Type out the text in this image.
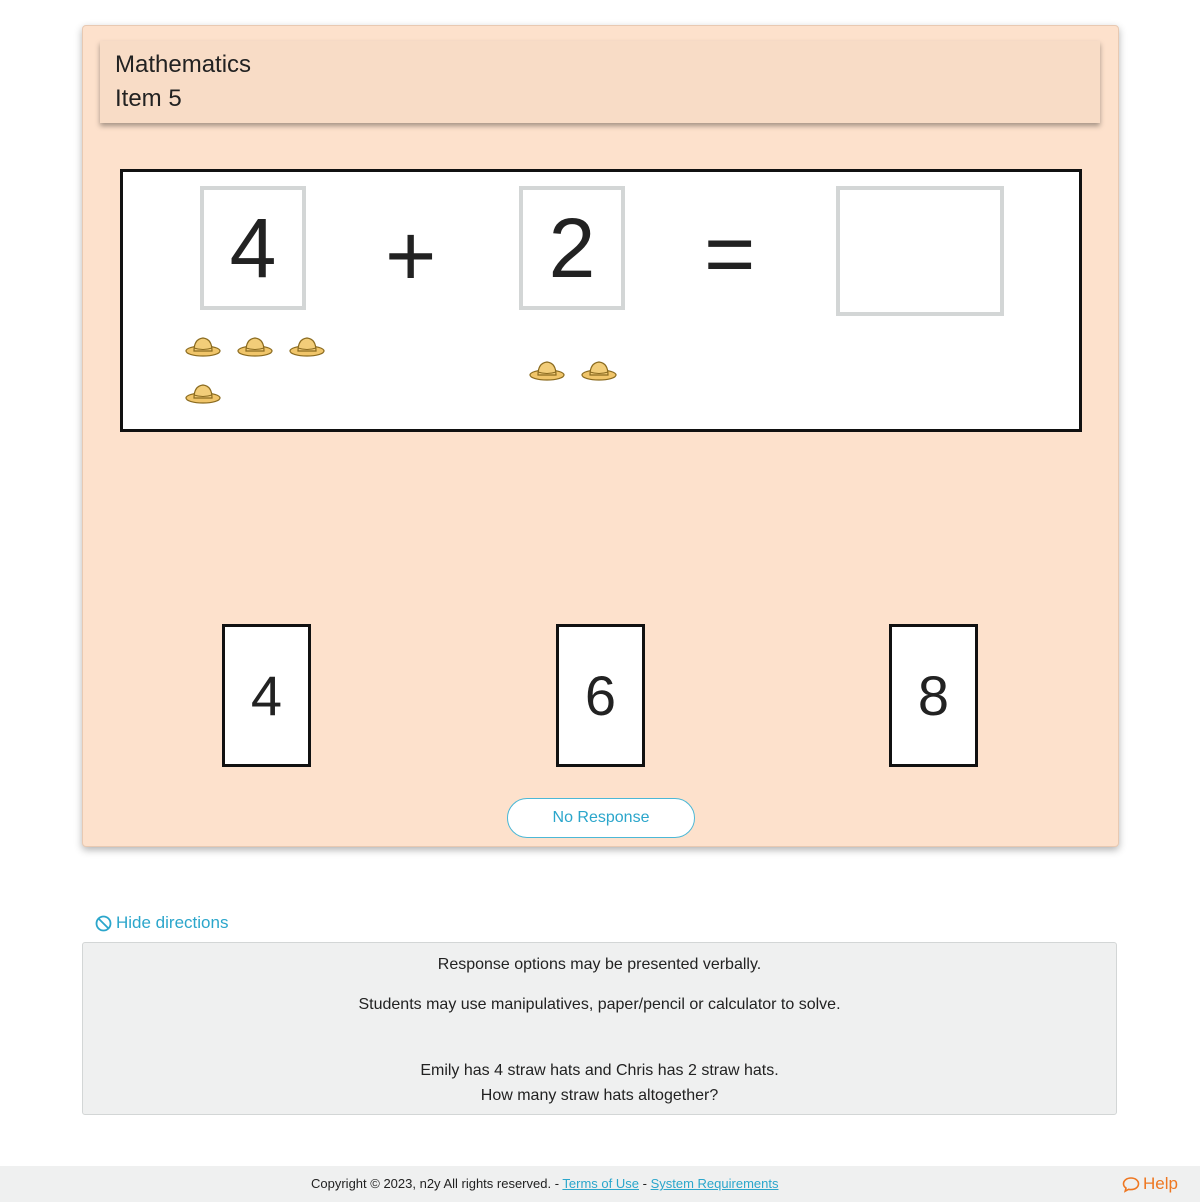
Mathematics
Item 5
4	+	2	=
4	6	8
No Response
Hide directions
Response options may be presented verbally.
Students may use manipulatives, paper/pencil or calculator to solve.
Emily has 4 straw hats and Chris has 2 straw hats.
How many straw hats altogether?
Copyright © 2023, n2y All rights reserved. - Terms of Use - System Requirements	Help
